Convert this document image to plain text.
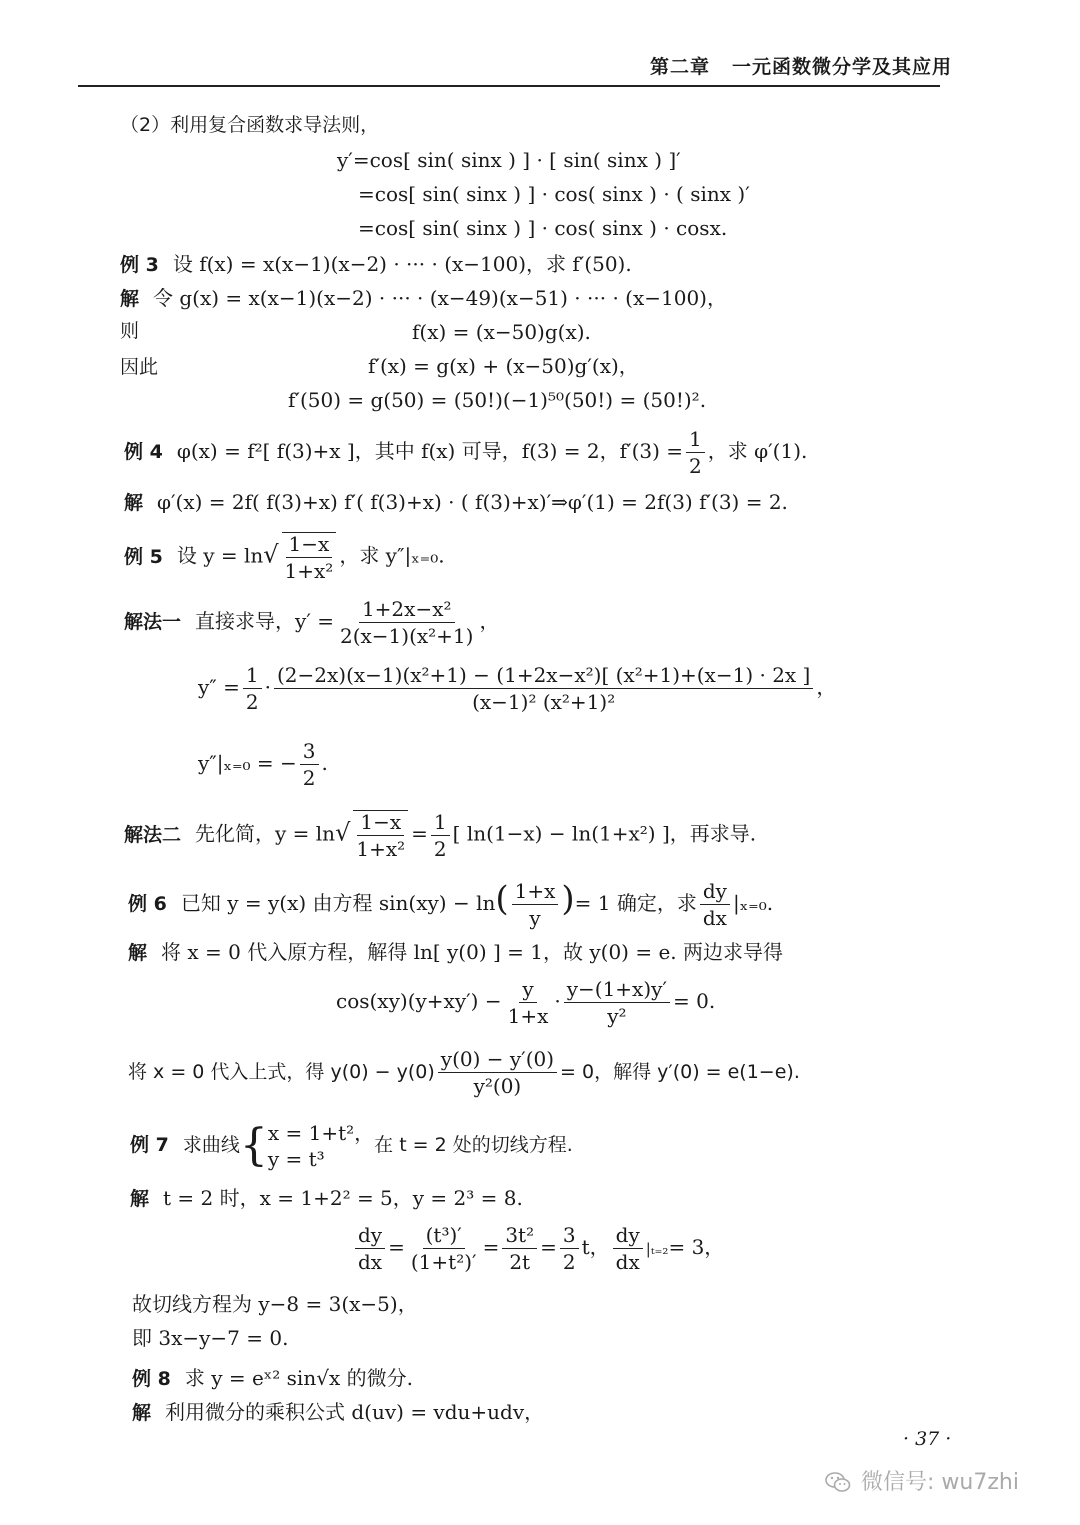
第二章 一元函数微分学及其应用
（2）利用复合函数求导法则，
y′=cos[ sin( sinx ) ] · [ sin( sinx ) ]′
=cos[ sin( sinx ) ] · cos( sinx ) · ( sinx )′
=cos[ sin( sinx ) ] · cos( sinx ) · cosx.
例 3 设 f(x) = x(x−1)(x−2) · ··· · (x−100)，求 f′(50).
解 令 g(x) = x(x−1)(x−2) · ··· · (x−49)(x−51) · ··· · (x−100)，
则	f(x) = (x−50)g(x).
因此	f′(x) = g(x) + (x−50)g′(x)，
f′(50) = g(50) = (50!)(−1)⁵⁰(50!) = (50!)².
例 4 φ(x) = f²[ f(3)+x ]，其中 f(x) 可导，f(3) = 2，$f'(3) = \frac{1}{2}$ ，求 φ′(1).
解 φ′(x) = 2f( f(3)+x) f′( f(3)+x) · ( f(3)+x)′⇒φ′(1) = 2f(3) f′(3) = 2.
例 5 设 $y = \ln√ \frac{1-x}{\text{1+x²}}$ ，求 y″|ₓ₌₀.
解法一 直接求导，$y' = \frac{\text{1+2x−x²}}{\text{2(x−1)(x²+1)}}$ ，
$y'' = \frac{1}{2} \cdot \frac{\text{(2−2x)(x−1)(x²+1) − (1+2x−x²)[ (x²+1)+(x−1) · 2x ]}}{\text{(x−1)² (x²+1)²}}$ ，
y″|ₓ₌₀ = − $\frac{3}{2}$ .
解法二 先化简，$y = \ln√ \frac{1-x}{\text{1+x²}} = \frac{1}{2}$ [ ln(1−x) − ln(1+x²) ]，再求导.
例 6 已知 y = y(x) 由方程 $\sin(xy) - \ln( \frac{1+x}{y}$ )= 1 确定，求 $\frac{dy}{dx} |_{x=0}$.
解 将 x = 0 代入原方程，解得 ln[ y(0) ] = 1，故 y(0) = e. 两边求导得
$\cos(xy)(y+xy') - \frac{y}{1+x} \cdot \frac{y-(1+x)y'}{\text{y²}} = 0$.
将 x = 0 代入上式，得 $y(0) - y(0) \frac{y(0) - y'(0)}{\text{y²(0)}} = 0$，解得 y′(0) = e(1−e).
例 7 求曲线{ x = 1+t²，
y = t³
在 t = 2 处的切线方程.
解 t = 2 时，x = 1+2² = 5，y = 2³ = 8.
$\frac{dy}{dx} = \frac{\text{(t³)′}}{\text{(1+t²)′}} = \frac{\text{3t²}}{2t} = \frac{3}{2}$ t， $\frac{dy}{dx} |_{t=2}= 3$，
故切线方程为 y−8 = 3(x−5)，
即 3x−y−7 = 0.
例 8 求 y = eˣ² sin√x 的微分.
解 利用微分的乘积公式 d(uv) = vdu+udv，
· 37 ·
微信号: wu7zhi
